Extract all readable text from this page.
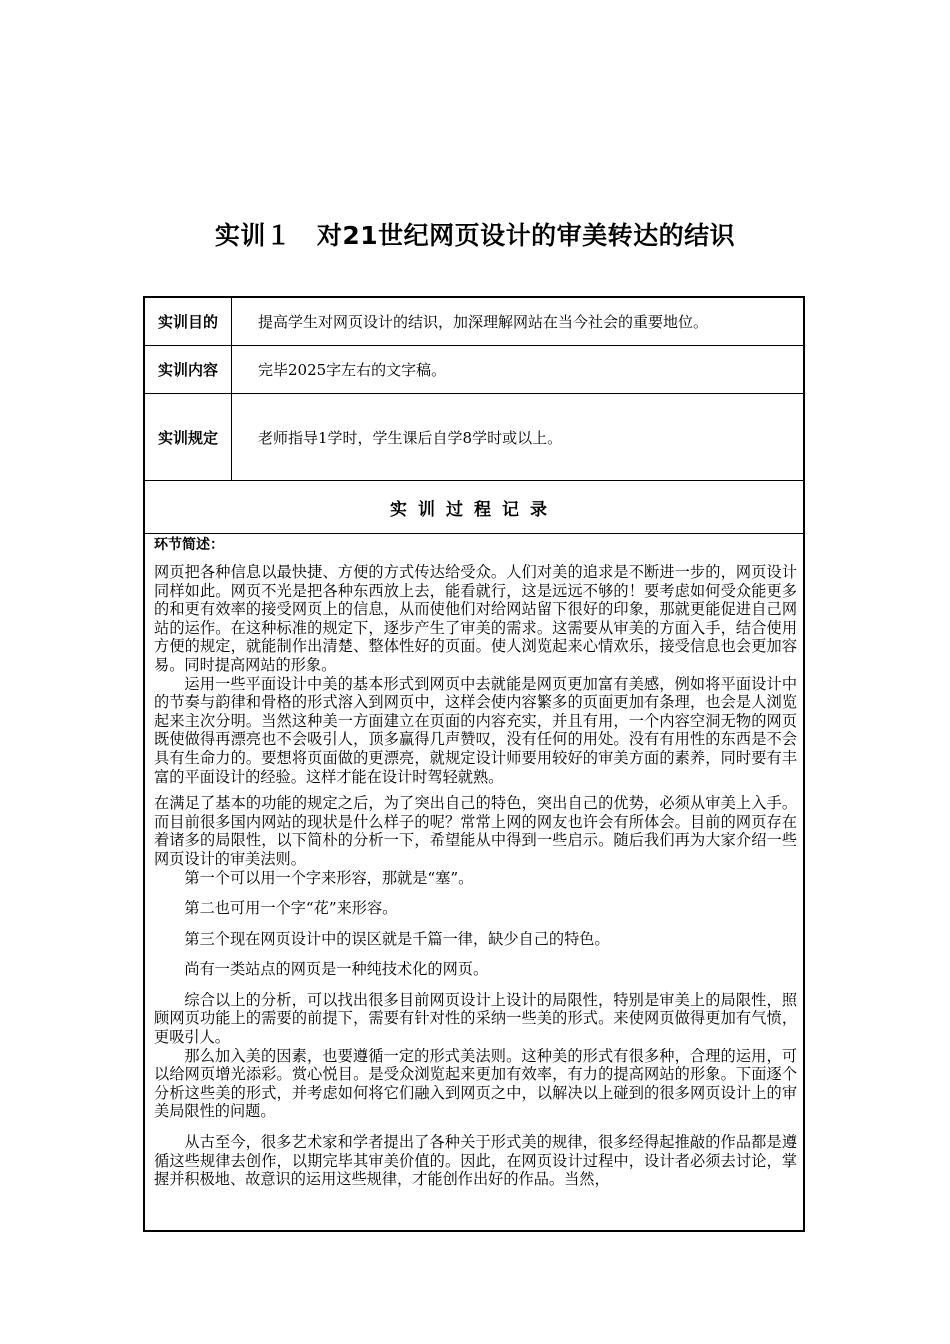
实训１　对21世纪网页设计的审美转达的结识
实训目的	提高学生对网页设计的结识，加深理解网站在当今社会的重要地位。
实训内容	完毕2025字左右的文字稿。
实训规定	老师指导1学时，学生课后自学8学时或以上。
实训过程记录
环节简述：

网页把各种信息以最快捷、方便的方式传达给受众。人们对美的追求是不断进一步的，网页设计同样如此。网页不光是把各种东西放上去，能看就行，这是远远不够的！要考虑如何受众能更多的和更有效率的接受网页上的信息，从而使他们对给网站留下很好的印象，那就更能促进自己网站的运作。在这种标准的规定下，逐步产生了审美的需求。这需要从审美的方面入手，结合使用方便的规定，就能制作出清楚、整体性好的页面。使人浏览起来心情欢乐，接受信息也会更加容易。同时提高网站的形象。

运用一些平面设计中美的基本形式到网页中去就能是网页更加富有美感，例如将平面设计中的节奏与韵律和骨格的形式溶入到网页中，这样会使内容繁多的页面更加有条理，也会是人浏览起来主次分明。当然这种美一方面建立在页面的内容充实，并且有用，一个内容空洞无物的网页既使做得再漂亮也不会吸引人，顶多赢得几声赞叹，没有任何的用处。没有有用性的东西是不会具有生命力的。要想将页面做的更漂亮，就规定设计师要用较好的审美方面的素养，同时要有丰富的平面设计的经验。这样才能在设计时驾轻就熟。

在满足了基本的功能的规定之后，为了突出自己的特色，突出自己的优势，必须从审美上入手。而目前很多国内网站的现状是什么样子的呢？常常上网的网友也许会有所体会。目前的网页存在着诸多的局限性，以下简朴的分析一下，希望能从中得到一些启示。随后我们再为大家介绍一些网页设计的审美法则。

第一个可以用一个字来形容，那就是“塞”。

第二也可用一个字“花”来形容。

第三个现在网页设计中的误区就是千篇一律，缺少自己的特色。

尚有一类站点的网页是一种纯技术化的网页。

综合以上的分析，可以找出很多目前网页设计上设计的局限性，特别是审美上的局限性，照顾网页功能上的需要的前提下，需要有针对性的采纳一些美的形式。来使网页做得更加有气愤，更吸引人。

那么加入美的因素，也要遵循一定的形式美法则。这种美的形式有很多种，合理的运用，可以给网页增光添彩。赏心悦目。是受众浏览起来更加有效率，有力的提高网站的形象。下面逐个分析这些美的形式，并考虑如何将它们融入到网页之中，以解决以上碰到的很多网页设计上的审美局限性的问题。

从古至今，很多艺术家和学者提出了各种关于形式美的规律，很多经得起推敲的作品都是遵循这些规律去创作，以期完毕其审美价值的。因此，在网页设计过程中，设计者必须去讨论，掌握并积极地、故意识的运用这些规律，才能创作出好的作品。当然，
